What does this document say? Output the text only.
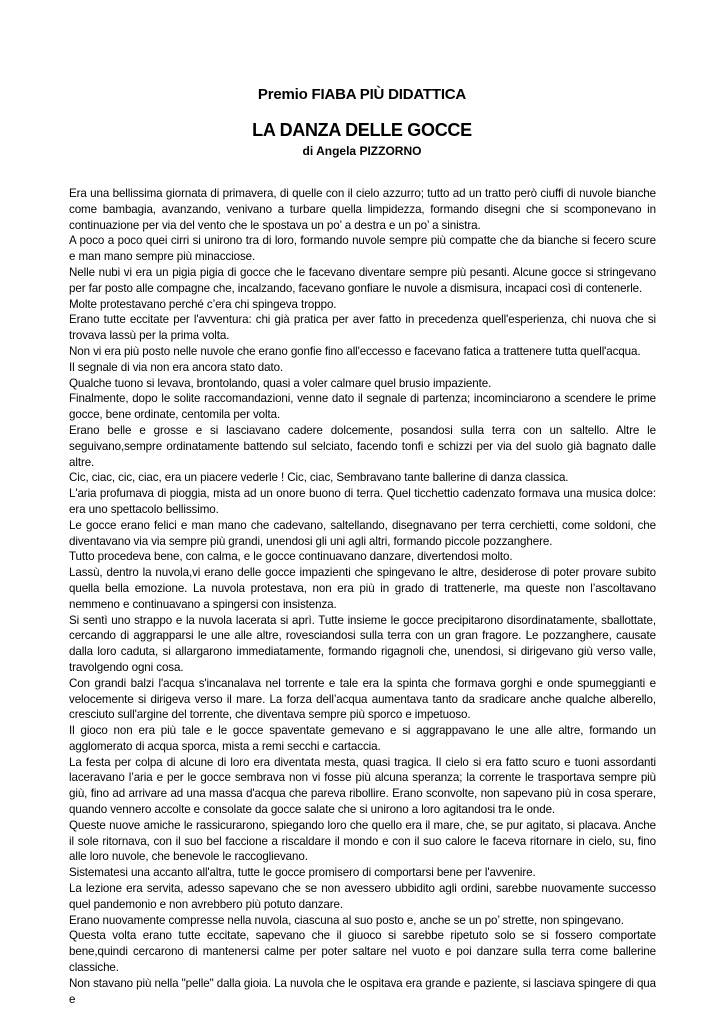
Premio FIABA PIÙ DIDATTICA
LA DANZA DELLE GOCCE
di Angela PIZZORNO

Era una bellissima giornata di primavera, di quelle con il cielo azzurro; tutto ad un tratto però ciuffi di nuvole bianche come bambagia, avanzando, venivano a turbare quella limpidezza, formando disegni che si scomponevano in continuazione per via del vento che le spostava un po’ a destra e un po’ a sinistra.

A poco a poco quei cirri si unirono tra di loro, formando nuvole sempre più compatte che da bianche si fecero scure e man mano sempre più minacciose.

Nelle nubi vi era un pigia pigia di gocce che le facevano diventare sempre più pesanti. Alcune gocce si stringevano per far posto alle compagne che, incalzando, facevano gonfiare le nuvole a dismisura, incapaci così di contenerle.

Molte protestavano perché c’era chi spingeva troppo.

Erano tutte eccitate per l'avventura: chi già pratica per aver fatto in precedenza quell'esperienza, chi nuova che si trovava lassù per la prima volta.

Non vi era più posto nelle nuvole che erano gonfie fino all'eccesso e facevano fatica a trattenere tutta quell'acqua.

Il segnale di via non era ancora stato dato.

Qualche tuono si levava, brontolando, quasi a voler calmare quel brusio impaziente.

Finalmente, dopo le solite raccomandazioni, venne dato il segnale di partenza; incominciarono a scendere le prime gocce, bene ordinate, centomila per volta.

Erano belle e grosse e si lasciavano cadere dolcemente, posandosi sulla terra con un saltello. Altre le seguivano,sempre ordinatamente battendo sul selciato, facendo tonfi e schizzi per via del suolo già bagnato dalle altre.

Cic, ciac, cic, ciac, era un piacere vederle ! Cic, ciac, Sembravano tante ballerine di danza classica.

L'aria profumava di pioggia, mista ad un onore buono di terra. Quel ticchettio cadenzato formava una musica dolce: era uno spettacolo bellissimo.

Le gocce erano felici e man mano che cadevano, saltellando, disegnavano per terra cerchietti, come soldoni, che diventavano via via sempre più grandi, unendosi gli uni agli altri, formando piccole pozzanghere.

Tutto procedeva bene, con calma, e le gocce continuavano danzare, divertendosi molto.

Lassù, dentro la nuvola,vi erano delle gocce impazienti che spingevano le altre, desiderose di poter provare subito quella bella emozione. La nuvola protestava, non era più in grado di trattenerle, ma queste non l’ascoltavano nemmeno e continuavano a spingersi con insistenza.

Si sentì uno strappo e la nuvola lacerata si aprì. Tutte insieme le gocce precipitarono disordinatamente, sballottate, cercando di aggrapparsi le une alle altre, rovesciandosi sulla terra con un gran fragore. Le pozzanghere, causate dalla loro caduta, si allargarono immediatamente, formando rigagnoli che, unendosi, si dirigevano giù verso valle, travolgendo ogni cosa.

Con grandi balzi l'acqua s'incanalava nel torrente e tale era la spinta che formava gorghi e onde spumeggianti e velocemente si dirigeva verso il mare. La forza dell’acqua aumentava tanto da sradicare anche qualche alberello, cresciuto sull'argine del torrente, che diventava sempre più sporco e impetuoso.

Il gioco non era più tale e le gocce spaventate gemevano e si aggrappavano le une alle altre, formando un agglomerato di acqua sporca, mista a remi secchi e cartaccia.

La festa per colpa di alcune di loro era diventata mesta, quasi tragica. Il cielo si era fatto scuro e tuoni assordanti laceravano l’aria e per le gocce sembrava non vi fosse più alcuna speranza; la corrente le trasportava sempre più giù, fino ad arrivare ad una massa d'acqua che pareva ribollire. Erano sconvolte, non sapevano più in cosa sperare, quando vennero accolte e consolate da gocce salate che si unirono a loro agitandosi tra le onde.

Queste nuove amiche le rassicurarono, spiegando loro che quello era il mare, che, se pur agitato, si placava. Anche il sole ritornava, con il suo bel faccione a riscaldare il mondo e con il suo calore le faceva ritornare in cielo, su, fino alle loro nuvole, che benevole le raccoglievano.

Sistematesi una accanto all'altra, tutte le gocce promisero di comportarsi bene per l'avvenire.

La lezione era servita, adesso sapevano che se non avessero ubbidito agli ordini, sarebbe nuovamente successo quel pandemonio e non avrebbero più potuto danzare.

Erano nuovamente compresse nella nuvola, ciascuna al suo posto e, anche se un po’ strette, non spingevano.

Questa volta erano tutte eccitate, sapevano che il giuoco si sarebbe ripetuto solo se si fossero comportate bene,quindi cercarono di mantenersi calme per poter saltare nel vuoto e poi danzare sulla terra come ballerine classiche.

Non stavano più nella "pelle" dalla gioia. La nuvola che le ospitava era grande e paziente, si lasciava spingere di qua e
